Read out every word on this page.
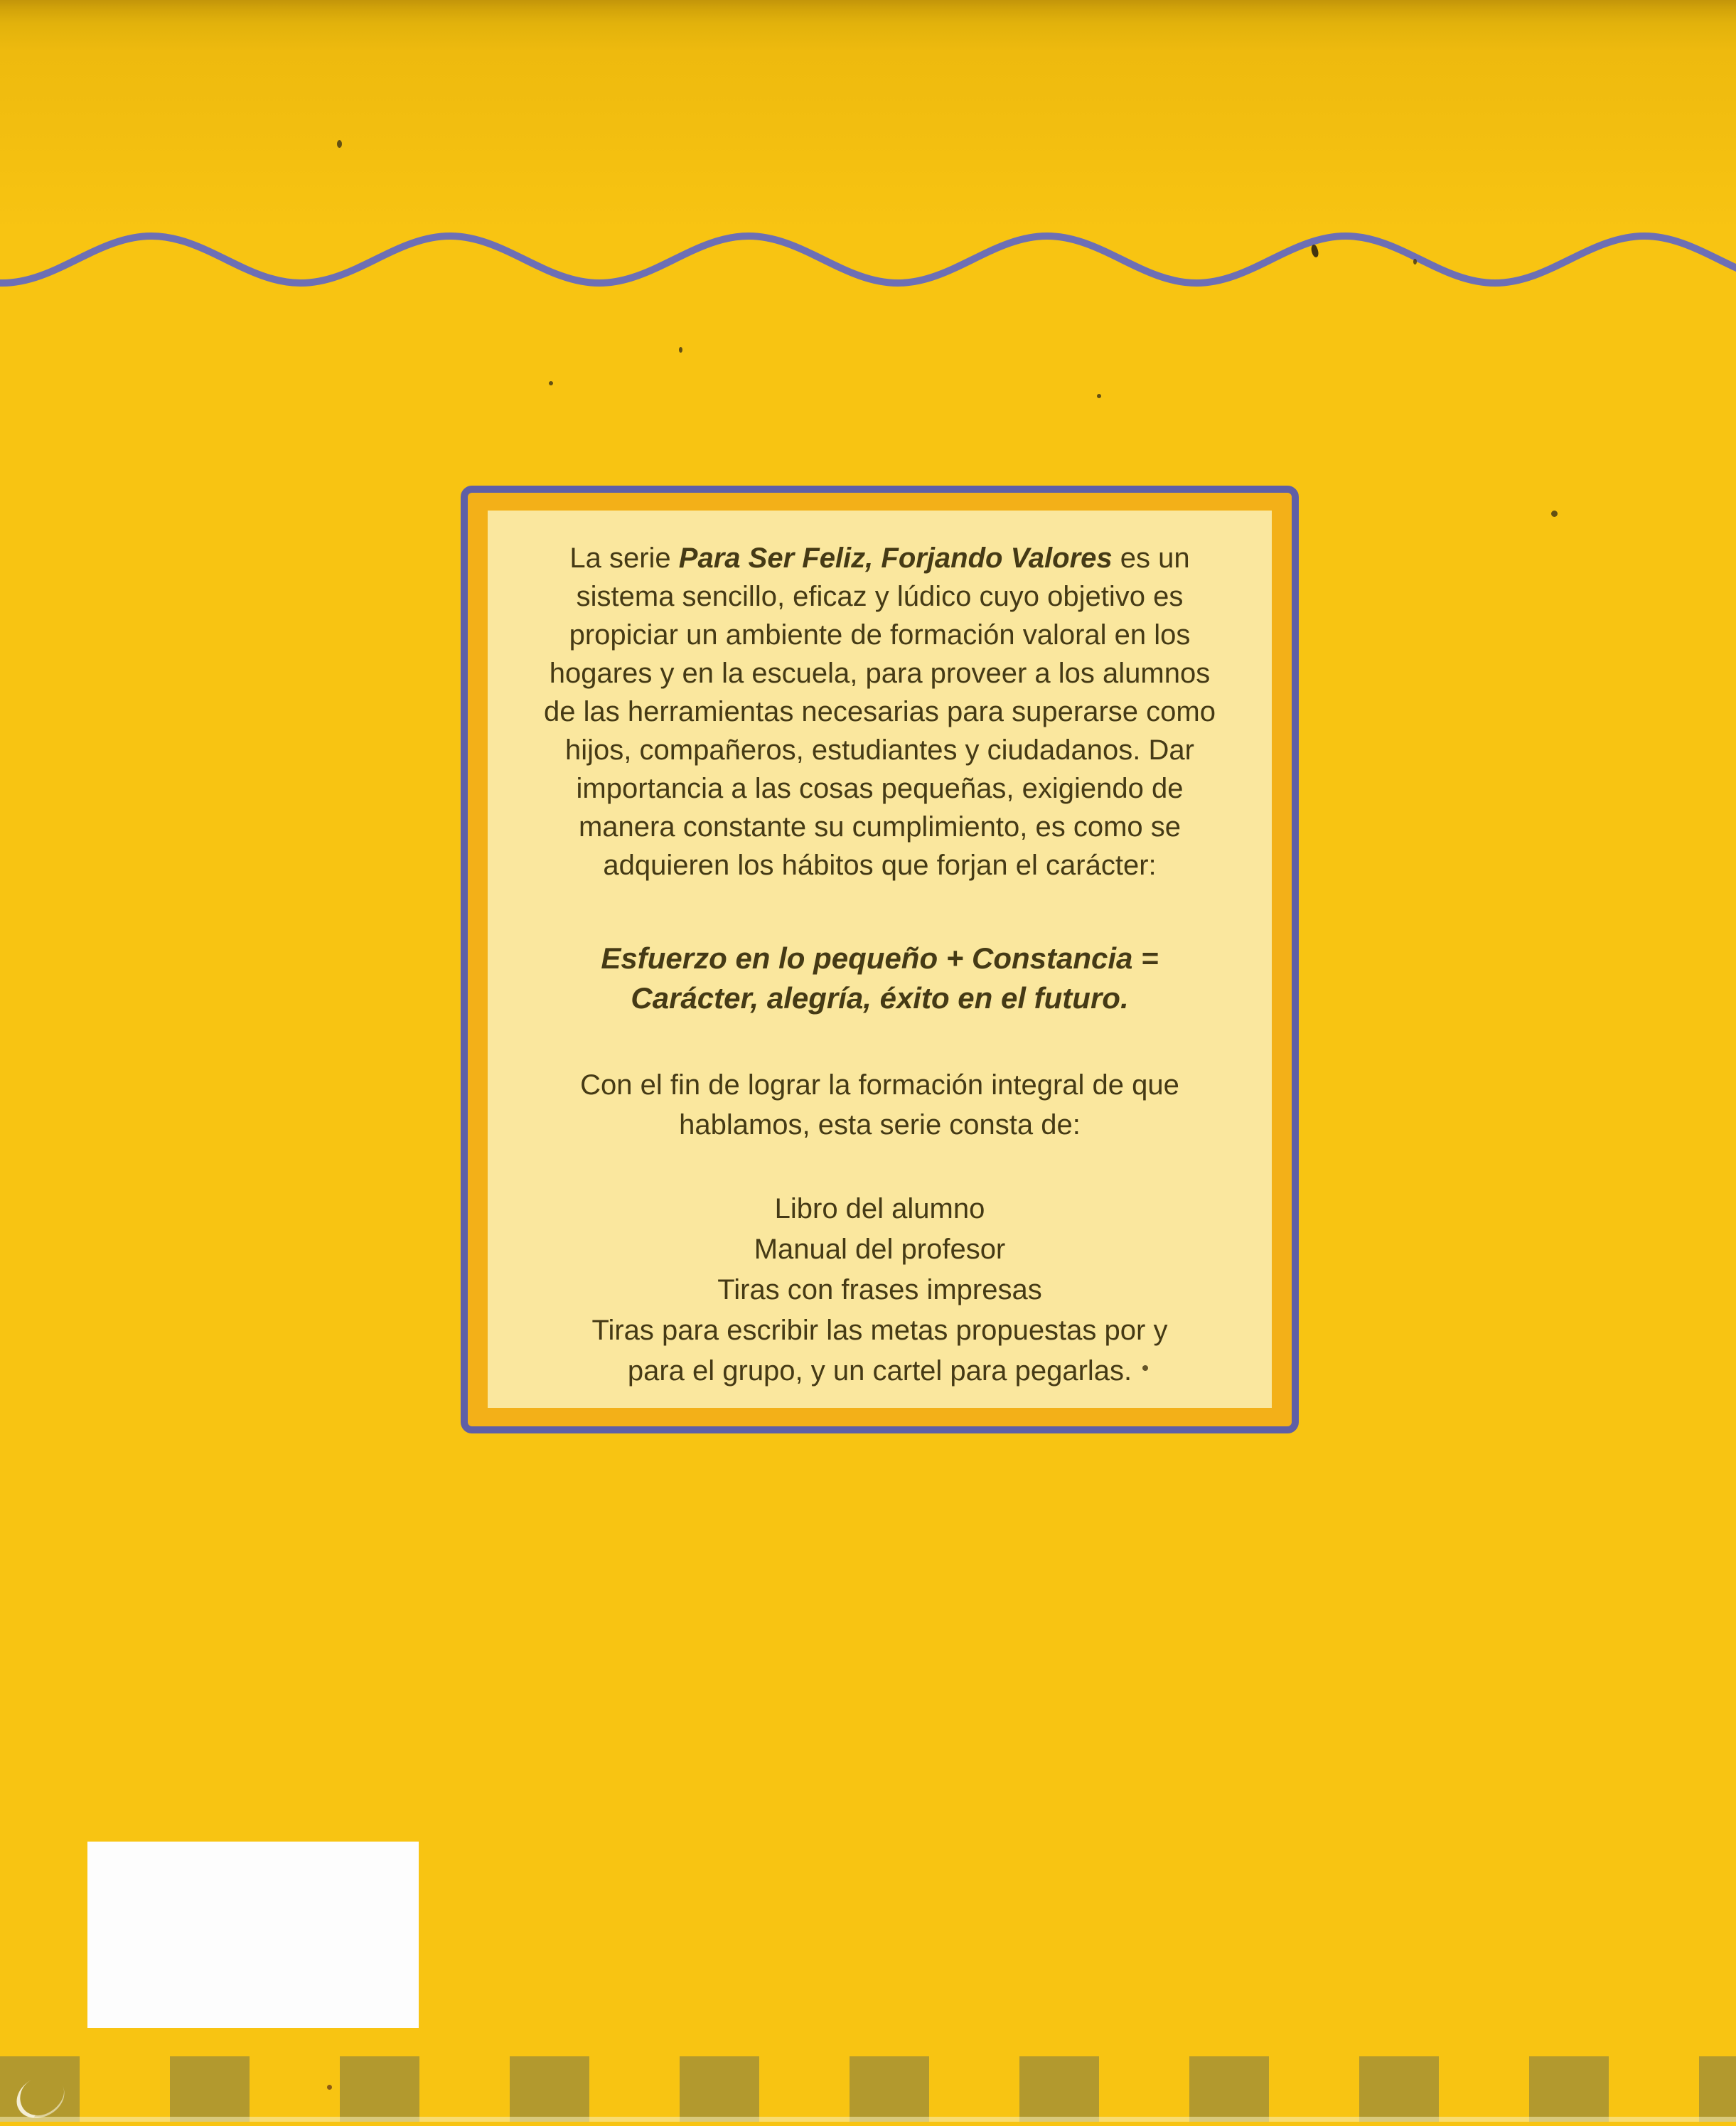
La serie Para Ser Feliz, Forjando Valores es un
sistema sencillo, eficaz y lúdico cuyo objetivo es
propiciar un ambiente de formación valoral en los
hogares y en la escuela, para proveer a los alumnos
de las herramientas necesarias para superarse como
hijos, compañeros, estudiantes y ciudadanos. Dar
importancia a las cosas pequeñas, exigiendo de
manera constante su cumplimiento, es como se
adquieren los hábitos que forjan el carácter:
Esfuerzo en lo pequeño + Constancia =
Carácter, alegría, éxito en el futuro.
Con el fin de lograr la formación integral de que
hablamos, esta serie consta de:
Libro del alumno
Manual del profesor
Tiras con frases impresas
Tiras para escribir las metas propuestas por y
para el grupo, y un cartel para pegarlas.
